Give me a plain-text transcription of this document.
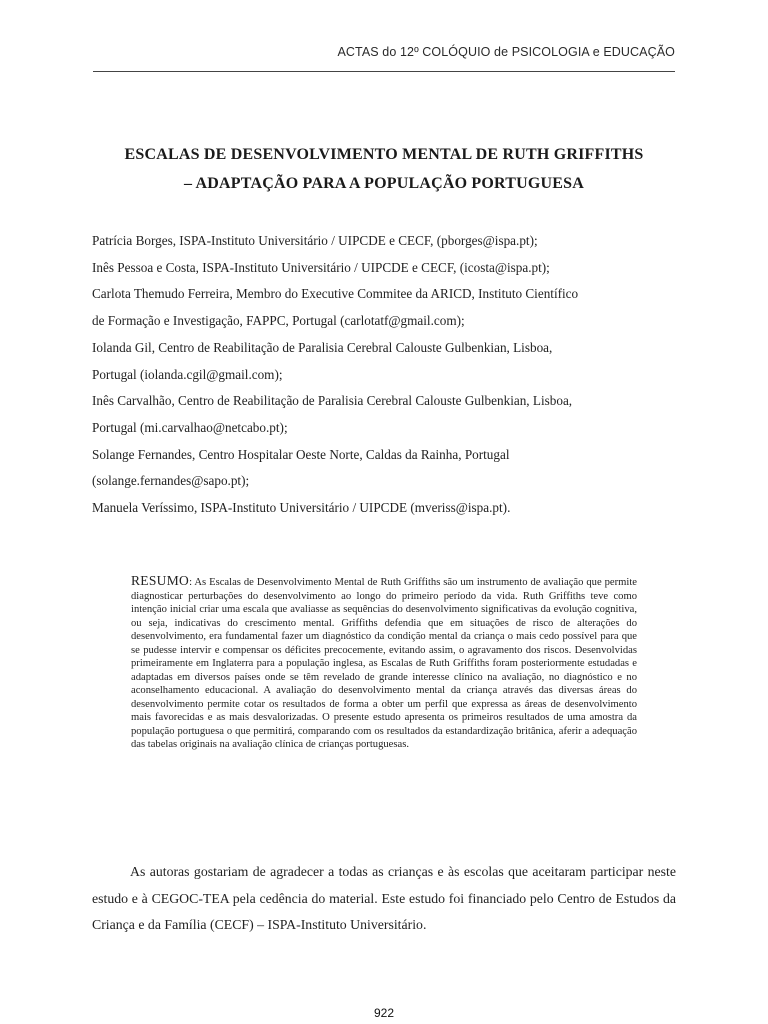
ACTAS do 12º COLÓQUIO de PSICOLOGIA e EDUCAÇÃO
ESCALAS DE DESENVOLVIMENTO MENTAL DE RUTH GRIFFITHS
– ADAPTAÇÃO PARA A POPULAÇÃO PORTUGUESA
Patrícia Borges, ISPA-Instituto Universitário / UIPCDE e CECF, (pborges@ispa.pt);
Inês Pessoa e Costa, ISPA-Instituto Universitário / UIPCDE e CECF, (icosta@ispa.pt);
Carlota Themudo Ferreira, Membro do Executive Commitee da ARICD, Instituto Científico
de Formação e Investigação, FAPPC, Portugal (carlotatf@gmail.com);
Iolanda Gil, Centro de Reabilitação de Paralisia Cerebral Calouste Gulbenkian, Lisboa,
Portugal (iolanda.cgil@gmail.com);
Inês Carvalhão, Centro de Reabilitação de Paralisia Cerebral Calouste Gulbenkian, Lisboa,
Portugal (mi.carvalhao@netcabo.pt);
Solange Fernandes, Centro Hospitalar Oeste Norte, Caldas da Rainha, Portugal
(solange.fernandes@sapo.pt);
Manuela Veríssimo, ISPA-Instituto Universitário / UIPCDE (mveriss@ispa.pt).
RESUMO: As Escalas de Desenvolvimento Mental de Ruth Griffiths são um instrumento de avaliação que permite diagnosticar perturbações do desenvolvimento ao longo do primeiro período da vida. Ruth Griffiths teve como intenção inicial criar uma escala que avaliasse as sequências do desenvolvimento significativas da evolução cognitiva, ou seja, indicativas do crescimento mental. Griffiths defendia que em situações de risco de alterações do desenvolvimento, era fundamental fazer um diagnóstico da condição mental da criança o mais cedo possível para que se pudesse intervir e compensar os déficites precocemente, evitando assim, o agravamento dos riscos. Desenvolvidas primeiramente em Inglaterra para a população inglesa, as Escalas de Ruth Griffiths foram posteriormente estudadas e adaptadas em diversos países onde se têm revelado de grande interesse clínico na avaliação, no diagnóstico e no aconselhamento educacional. A avaliação do desenvolvimento mental da criança através das diversas áreas do desenvolvimento permite cotar os resultados de forma a obter um perfil que expressa as áreas de desenvolvimento mais favorecidas e as mais desvalorizadas. O presente estudo apresenta os primeiros resultados de uma amostra da população portuguesa o que permitirá, comparando com os resultados da estandardização britânica, aferir a adequação das tabelas originais na avaliação clínica de crianças portuguesas.
As autoras gostariam de agradecer a todas as crianças e às escolas que aceitaram participar neste estudo e à CEGOC-TEA pela cedência do material. Este estudo foi financiado pelo Centro de Estudos da Criança e da Família (CECF) – ISPA-Instituto Universitário.
922
